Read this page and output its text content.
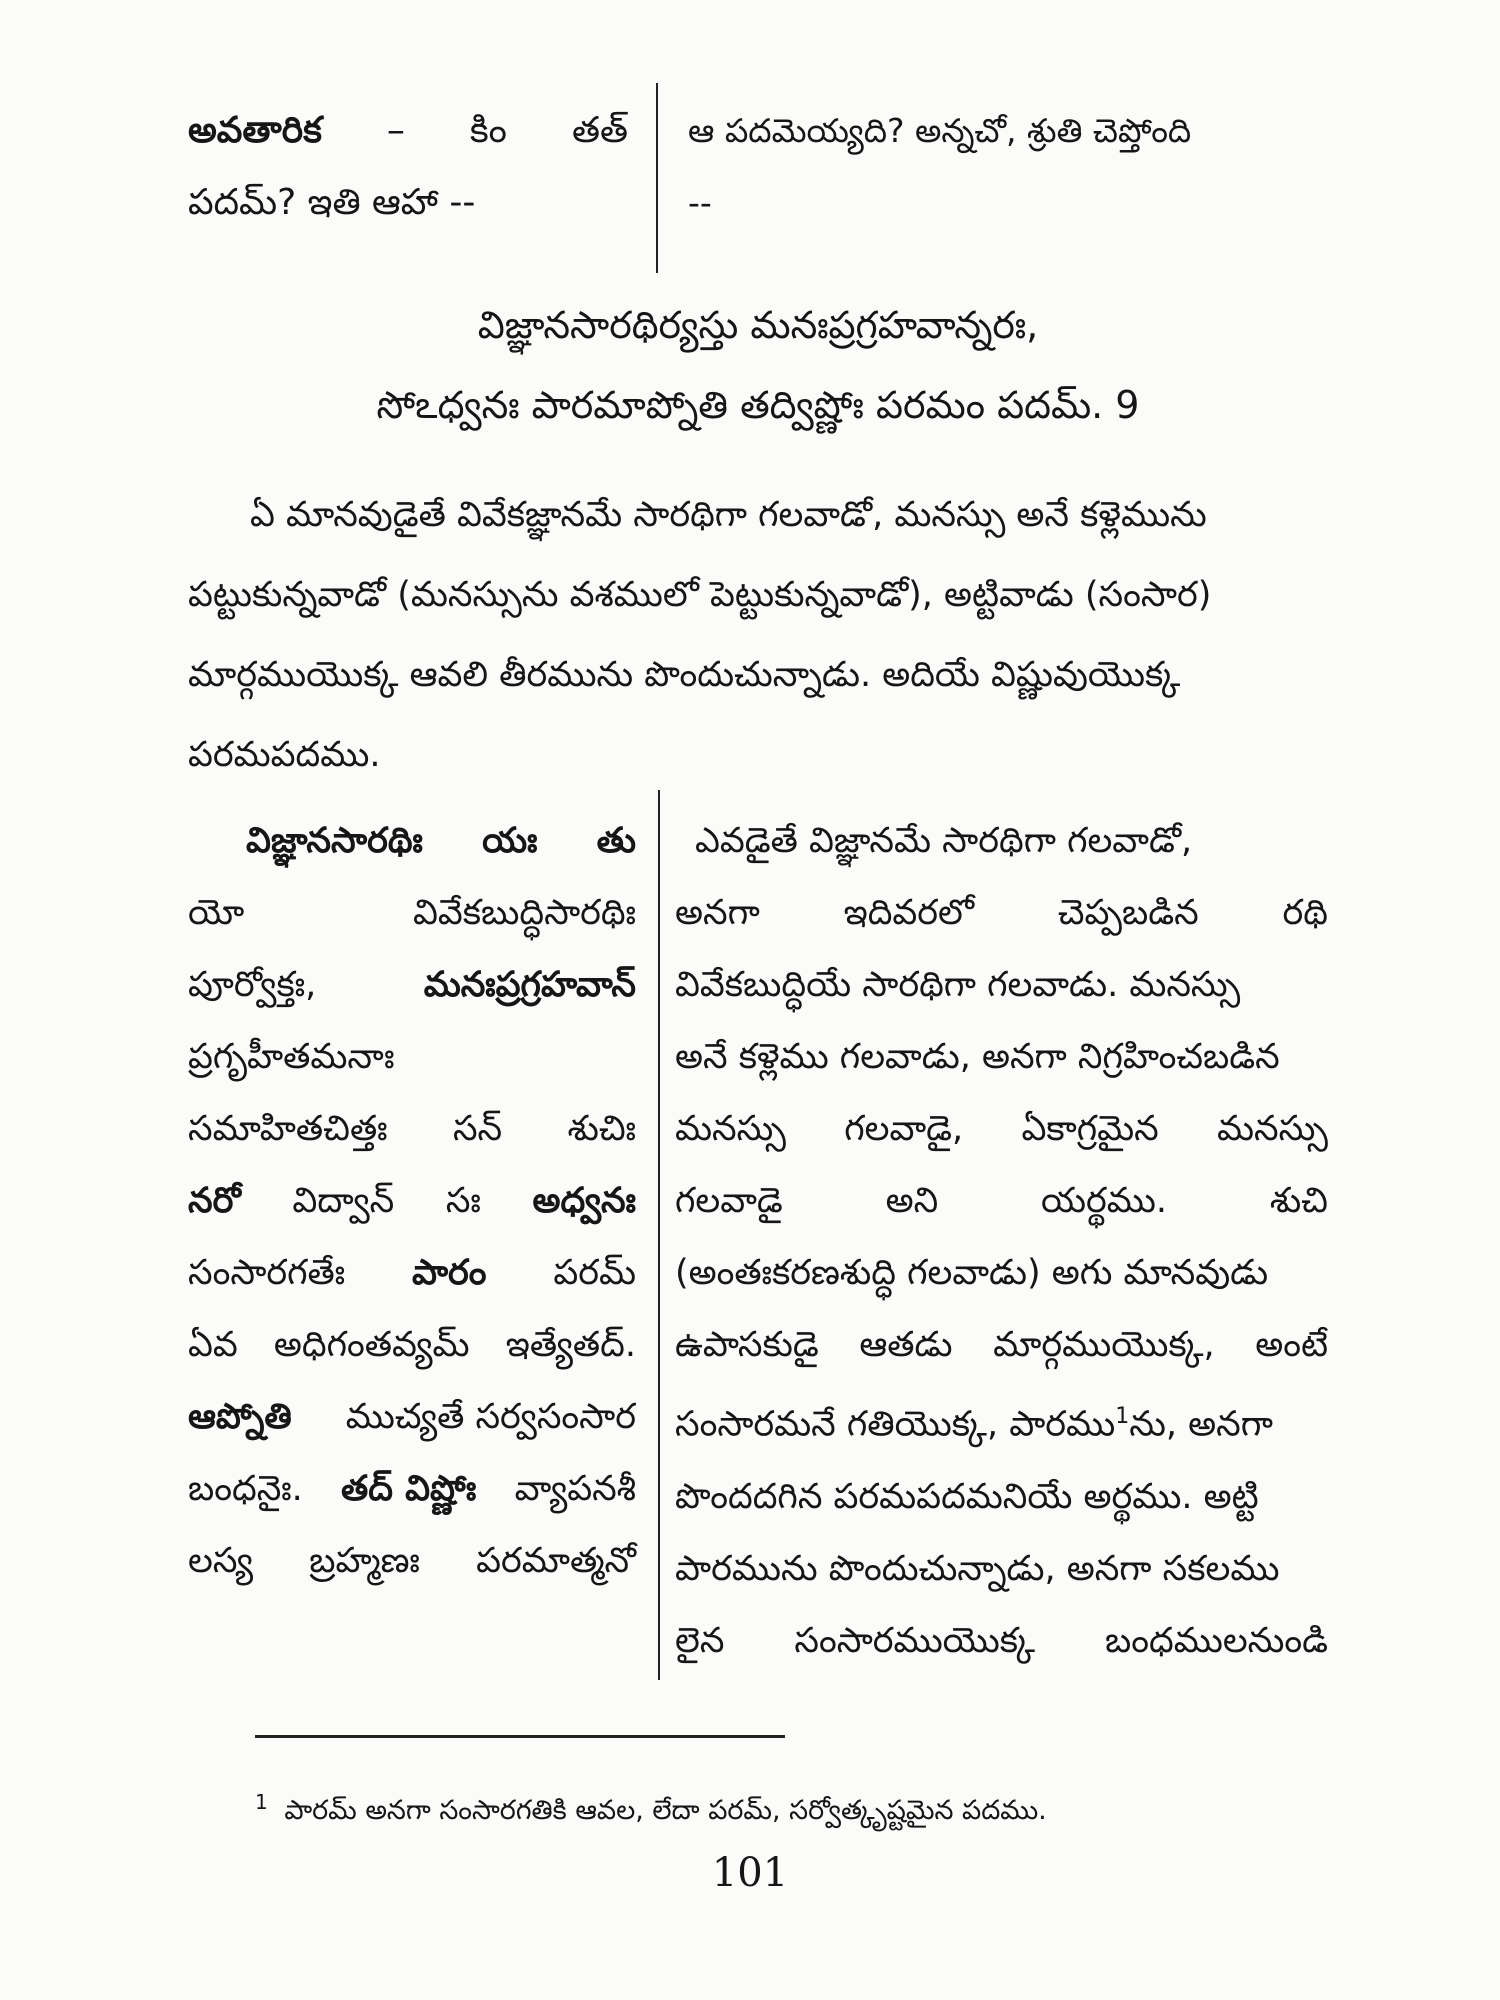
అవతారిక – కిం తత్
పదమ్? ఇతి ఆహా --
ఆ పదమెయ్యది? అన్నచో, శ్రుతి చెప్తోంది
--
విజ్ఞానసారథిర్యస్తు మనఃప్రగ్రహవాన్నరః,
సోఽధ్వనః పారమాప్నోతి తద్విష్ణోః పరమం పదమ్. 9
ఏ మానవుడైతే వివేకజ్ఞానమే సారథిగా గలవాడో, మనస్సు అనే కళ్లెమును
పట్టుకున్నవాడో (మనస్సును వశములో పెట్టుకున్నవాడో), అట్టివాడు (సంసార)
మార్గముయొక్క ఆవలి తీరమును పొందుచున్నాడు. అదియే విష్ణువుయొక్క
పరమపదము.
విజ్ఞానసారథిః యః తు
యో	వివేకబుద్ధిసారథిః
పూర్వోక్తః,	మనఃప్రగ్రహవాన్
ప్రగృహీతమనాః
సమాహితచిత్తః సన్ శుచిః
నరో విద్వాన్ సః అధ్వనః
సంసారగతేః పారం పరమ్
ఏవ అధిగంతవ్యమ్ ఇత్యేతద్.
ఆప్నోతి ముచ్యతే సర్వసంసార
బంధనైః. తద్ విష్ణోః వ్యాపనశీ
లస్య బ్రహ్మణః పరమాత్మనో
ఎవడైతే విజ్ఞానమే సారథిగా గలవాడో,
అనగా ఇదివరలో చెప్పబడిన రథి
వివేకబుద్ధియే సారథిగా గలవాడు. మనస్సు
అనే కళ్లెము గలవాడు, అనగా నిగ్రహించబడిన
మనస్సు గలవాడై, ఏకాగ్రమైన మనస్సు
గలవాడై	అని	యర్థము.	శుచి
(అంతఃకరణశుద్ధి గలవాడు) అగు మానవుడు
ఉపాసకుడై ఆతడు మార్గముయొక్క, అంటే
సంసారమనే గతియొక్క, పారము$^1$ను, అనగా
పొందదగిన పరమపదమనియే అర్థము. అట్టి
పారమును పొందుచున్నాడు, అనగా సకలము
లైన సంసారముయొక్క బంధములనుండి
$^1$ పారమ్ అనగా సంసారగతికి ఆవల, లేదా పరమ్, సర్వోత్కృష్టమైన పదము.
101
